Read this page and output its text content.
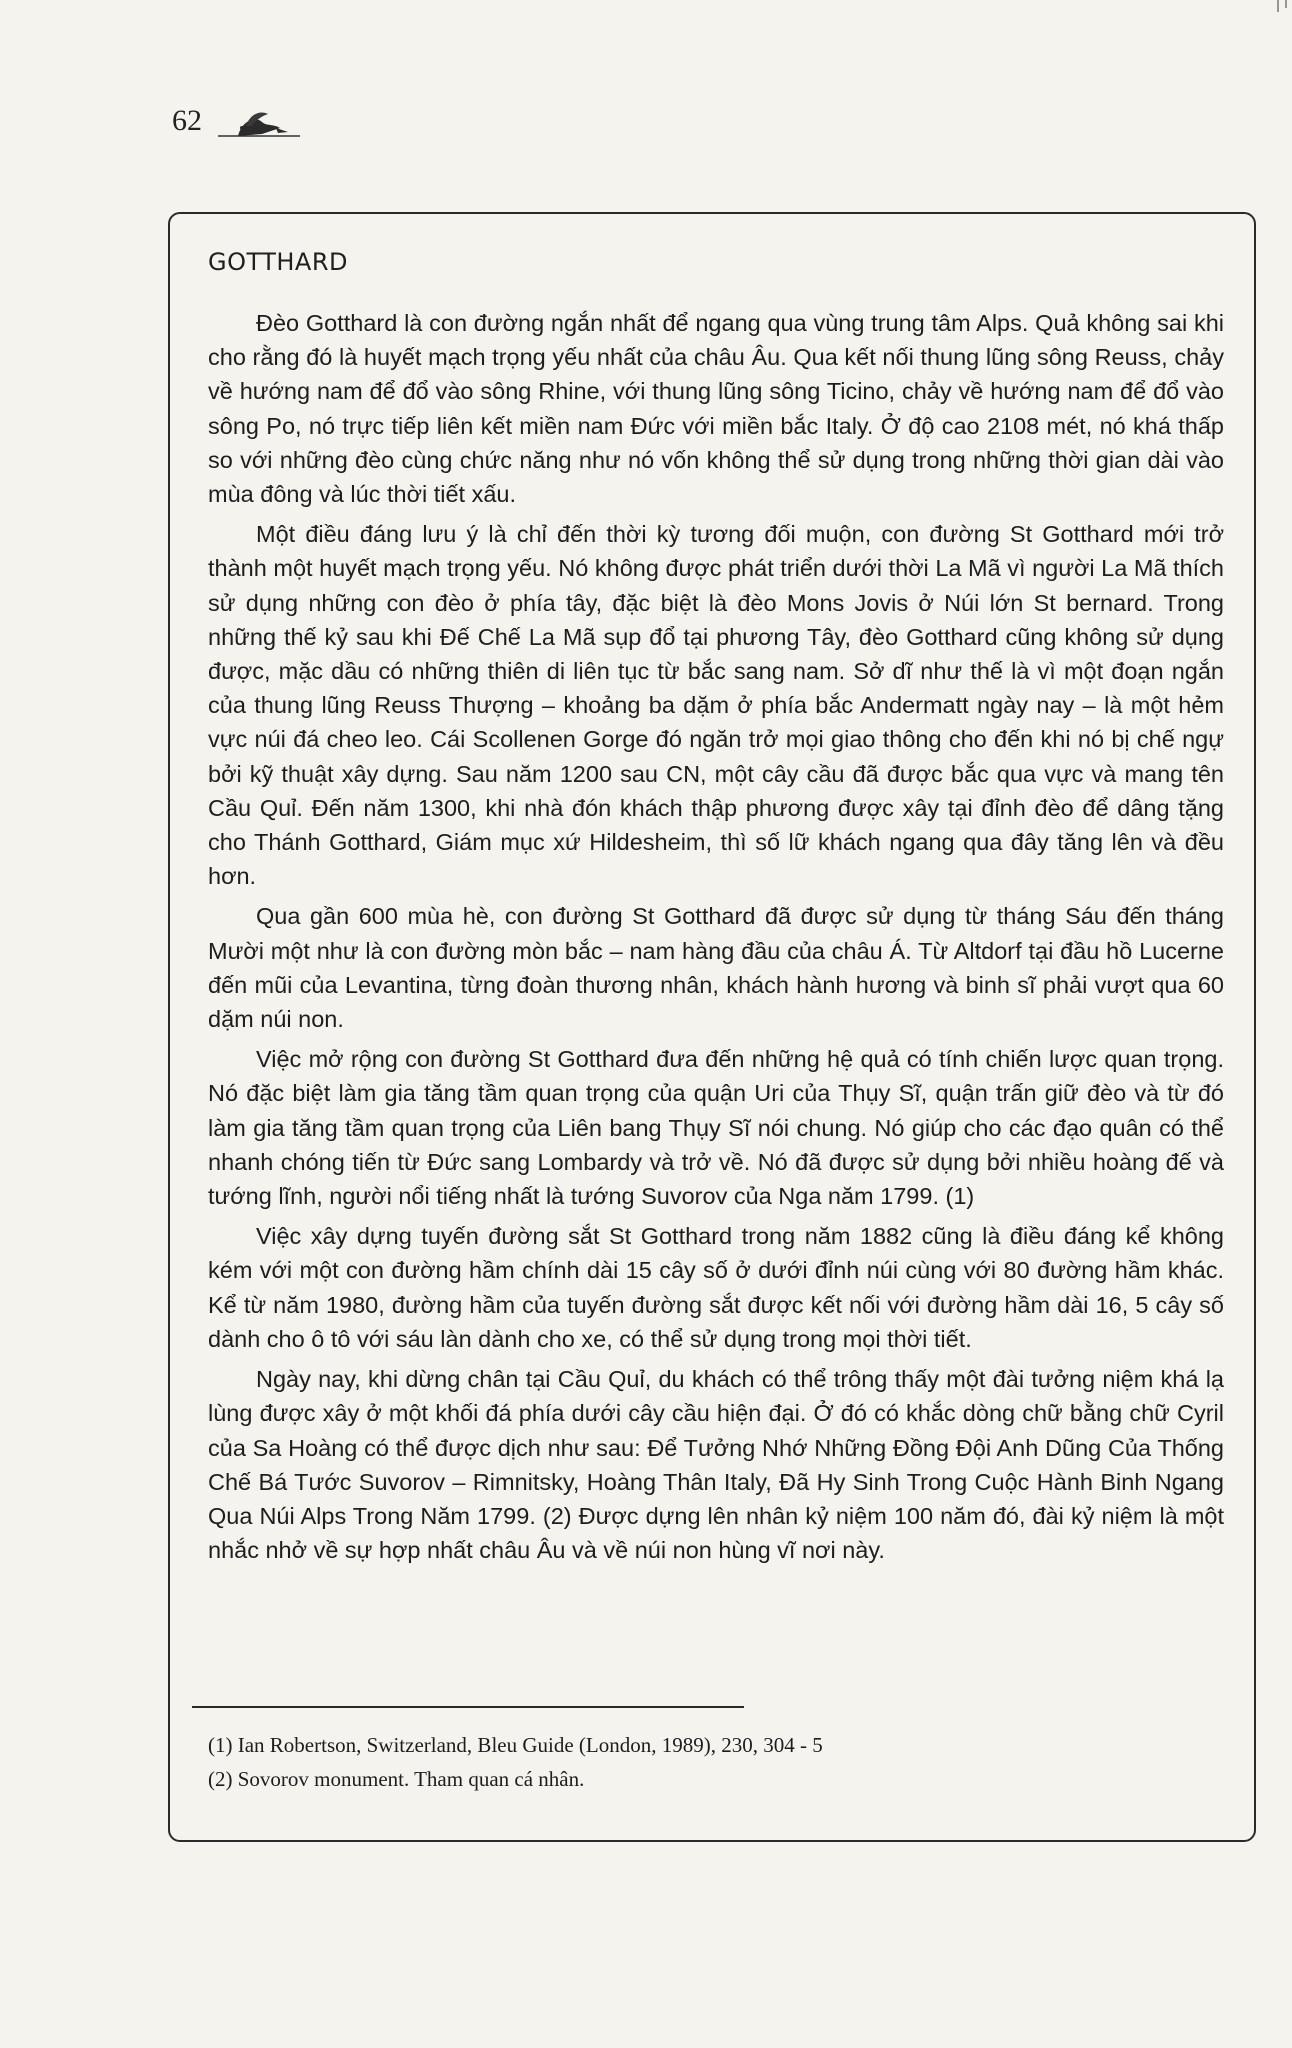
62
GOTTHARD

Đèo Gotthard là con đường ngắn nhất để ngang qua vùng trung tâm Alps. Quả không sai khi cho rằng đó là huyết mạch trọng yếu nhất của châu Âu. Qua kết nối thung lũng sông Reuss, chảy về hướng nam để đổ vào sông Rhine, với thung lũng sông Ticino, chảy về hướng nam để đổ vào sông Po, nó trực tiếp liên kết miền nam Đức với miền bắc Italy. Ở độ cao 2108 mét, nó khá thấp so với những đèo cùng chức năng như nó vốn không thể sử dụng trong những thời gian dài vào mùa đông và lúc thời tiết xấu.

Một điều đáng lưu ý là chỉ đến thời kỳ tương đối muộn, con đường St Gotthard mới trở thành một huyết mạch trọng yếu. Nó không được phát triển dưới thời La Mã vì người La Mã thích sử dụng những con đèo ở phía tây, đặc biệt là đèo Mons Jovis ở Núi lớn St bernard. Trong những thế kỷ sau khi Đế Chế La Mã sụp đổ tại phương Tây, đèo Gotthard cũng không sử dụng được, mặc dầu có những thiên di liên tục từ bắc sang nam. Sở dĩ như thế là vì một đoạn ngắn của thung lũng Reuss Thượng – khoảng ba dặm ở phía bắc Andermatt ngày nay – là một hẻm vực núi đá cheo leo. Cái Scollenen Gorge đó ngăn trở mọi giao thông cho đến khi nó bị chế ngự bởi kỹ thuật xây dựng. Sau năm 1200 sau CN, một cây cầu đã được bắc qua vực và mang tên Cầu Quỉ. Đến năm 1300, khi nhà đón khách thập phương được xây tại đỉnh đèo để dâng tặng cho Thánh Gotthard, Giám mục xứ Hildesheim, thì số lữ khách ngang qua đây tăng lên và đều hơn.

Qua gần 600 mùa hè, con đường St Gotthard đã được sử dụng từ tháng Sáu đến tháng Mười một như là con đường mòn bắc – nam hàng đầu của châu Á. Từ Altdorf tại đầu hồ Lucerne đến mũi của Levantina, từng đoàn thương nhân, khách hành hương và binh sĩ phải vượt qua 60 dặm núi non.

Việc mở rộng con đường St Gotthard đưa đến những hệ quả có tính chiến lược quan trọng. Nó đặc biệt làm gia tăng tầm quan trọng của quận Uri của Thụy Sĩ, quận trấn giữ đèo và từ đó làm gia tăng tầm quan trọng của Liên bang Thụy Sĩ nói chung. Nó giúp cho các đạo quân có thể nhanh chóng tiến từ Đức sang Lombardy và trở về. Nó đã được sử dụng bởi nhiều hoàng đế và tướng lĩnh, người nổi tiếng nhất là tướng Suvorov của Nga năm 1799. (1)

Việc xây dựng tuyến đường sắt St Gotthard trong năm 1882 cũng là điều đáng kể không kém với một con đường hầm chính dài 15 cây số ở dưới đỉnh núi cùng với 80 đường hầm khác. Kể từ năm 1980, đường hầm của tuyến đường sắt được kết nối với đường hầm dài 16, 5 cây số dành cho ô tô với sáu làn dành cho xe, có thể sử dụng trong mọi thời tiết.

Ngày nay, khi dừng chân tại Cầu Quỉ, du khách có thể trông thấy một đài tưởng niệm khá lạ lùng được xây ở một khối đá phía dưới cây cầu hiện đại. Ở đó có khắc dòng chữ bằng chữ Cyril của Sa Hoàng có thể được dịch như sau: Để Tưởng Nhớ Những Đồng Đội Anh Dũng Của Thống Chế Bá Tước Suvorov – Rimnitsky, Hoàng Thân Italy, Đã Hy Sinh Trong Cuộc Hành Binh Ngang Qua Núi Alps Trong Năm 1799. (2) Được dựng lên nhân kỷ niệm 100 năm đó, đài kỷ niệm là một nhắc nhở về sự hợp nhất châu Âu và về núi non hùng vĩ nơi này.

(1) Ian Robertson, Switzerland, Bleu Guide (London, 1989), 230, 304 - 5
(2) Sovorov monument. Tham quan cá nhân.
